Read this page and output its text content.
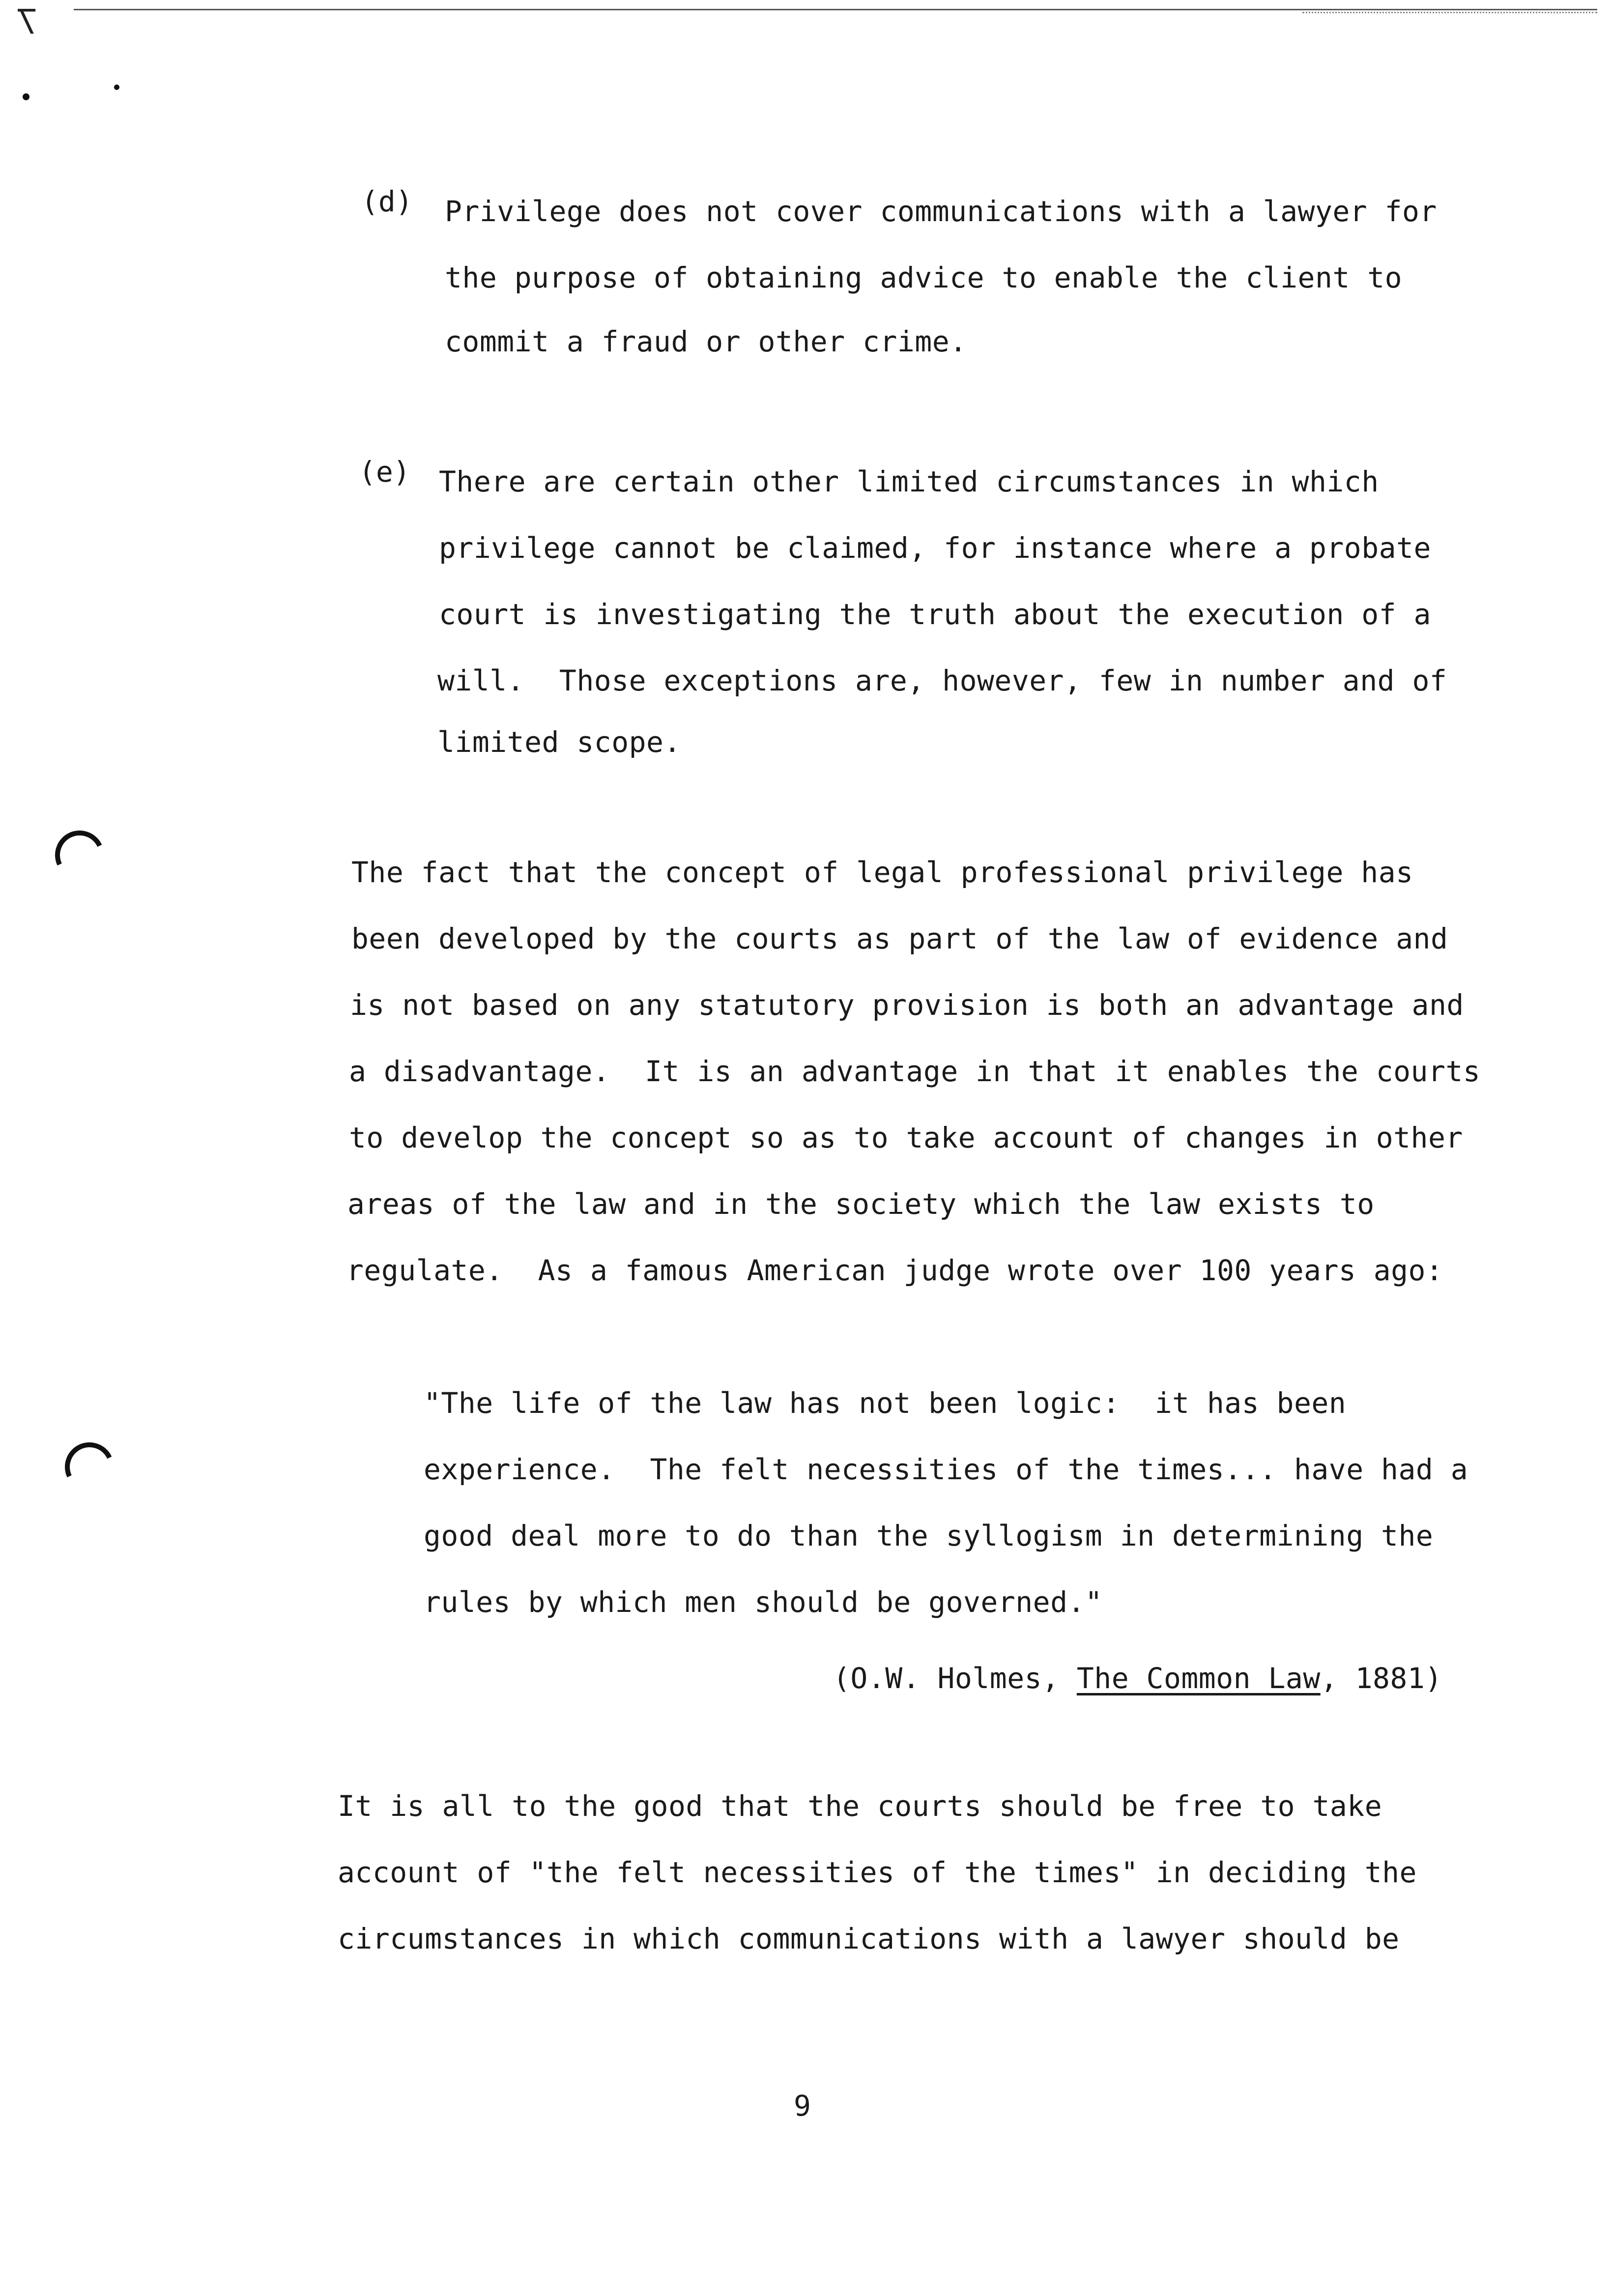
̅\
(d) Privilege does not cover communications with a lawyer for
the purpose of obtaining advice to enable the client to
commit a fraud or other crime.
(e) There are certain other limited circumstances in which
privilege cannot be claimed, for instance where a probate
court is investigating the truth about the execution of a
will.  Those exceptions are, however, few in number and of
limited scope.
The fact that the concept of legal professional privilege has
been developed by the courts as part of the law of evidence and
is not based on any statutory provision is both an advantage and
a disadvantage.  It is an advantage in that it enables the courts
to develop the concept so as to take account of changes in other
areas of the law and in the society which the law exists to
regulate.  As a famous American judge wrote over 100 years ago:
"The life of the law has not been logic:  it has been
experience.  The felt necessities of the times... have had a
good deal more to do than the syllogism in determining the
rules by which men should be governed."
(O.W. Holmes, The Common Law, 1881)
It is all to the good that the courts should be free to take
account of "the felt necessities of the times" in deciding the
circumstances in which communications with a lawyer should be
9
